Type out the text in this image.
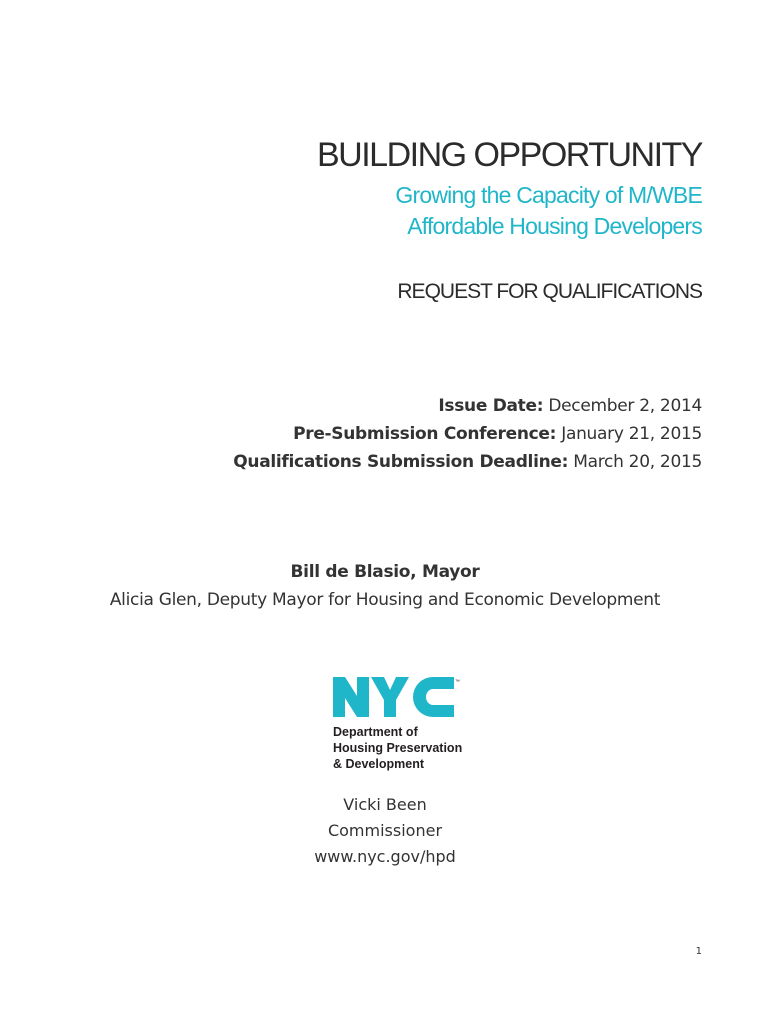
BUILDING OPPORTUNITY
Growing the Capacity of M/WBE
Affordable Housing Developers
REQUEST FOR QUALIFICATIONS
Issue Date: December 2, 2014
Pre-Submission Conference: January 21, 2015
Qualifications Submission Deadline: March 20, 2015
Bill de Blasio, Mayor
Alicia Glen, Deputy Mayor for Housing and Economic Development
™
Department of
Housing Preservation
& Development
Vicki Been
Commissioner
www.nyc.gov/hpd
1
